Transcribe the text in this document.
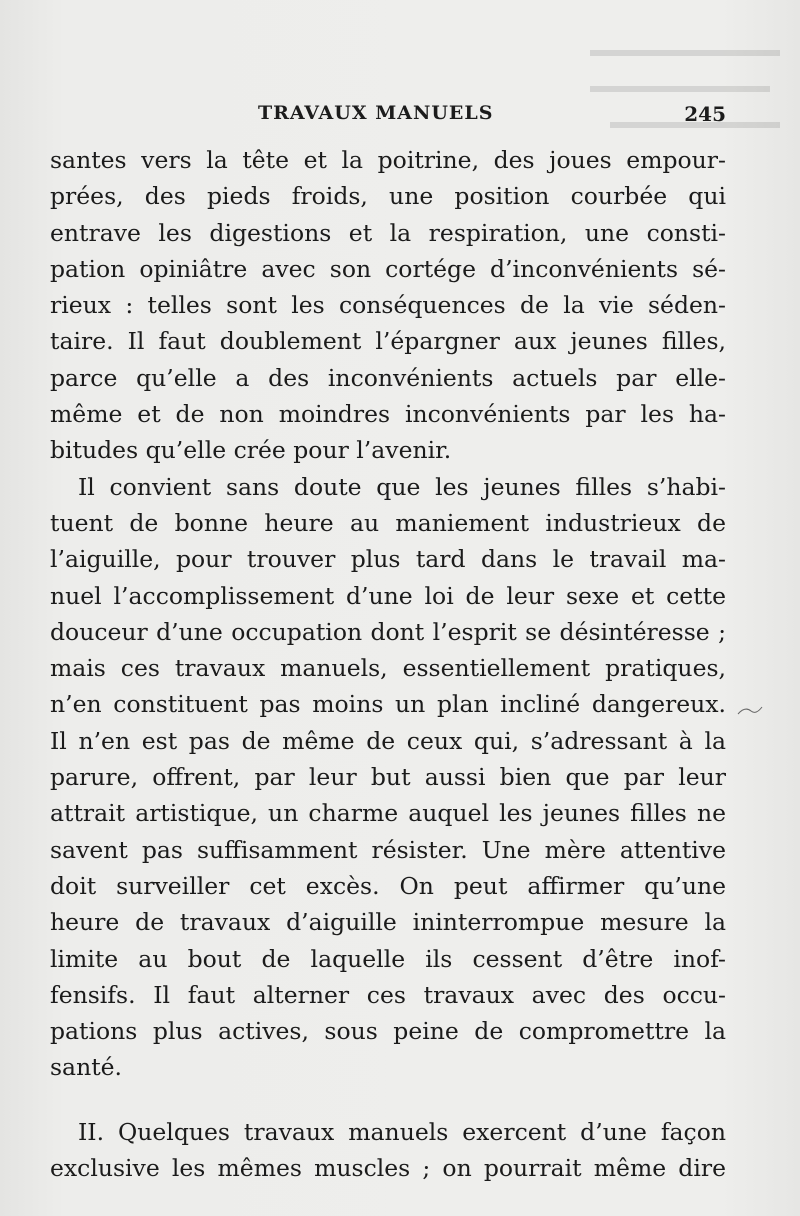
TRAVAUX MANUELS	245
santes vers la tête et la poitrine, des joues empour-
prées, des pieds froids, une position courbée qui
entrave les digestions et la respiration, une consti-
pation opiniâtre avec son cortége d’inconvénients sé-
rieux : telles sont les conséquences de la vie séden-
taire. Il faut doublement l’épargner aux jeunes filles,
parce qu’elle a des inconvénients actuels par elle-
même et de non moindres inconvénients par les ha-
bitudes qu’elle crée pour l’avenir.
Il convient sans doute que les jeunes filles s’habi-
tuent de bonne heure au maniement industrieux de
l’aiguille, pour trouver plus tard dans le travail ma-
nuel l’accomplissement d’une loi de leur sexe et cette
douceur d’une occupation dont l’esprit se désintéresse ;
mais ces travaux manuels, essentiellement pratiques,
n’en constituent pas moins un plan incliné dangereux.
Il n’en est pas de même de ceux qui, s’adressant à la
parure, offrent, par leur but aussi bien que par leur
attrait artistique, un charme auquel les jeunes filles ne
savent pas suffisamment résister. Une mère attentive
doit surveiller cet excès. On peut affirmer qu’une
heure de travaux d’aiguille ininterrompue mesure la
limite au bout de laquelle ils cessent d’être inof-
fensifs. Il faut alterner ces travaux avec des occu-
pations plus actives, sous peine de compromettre la
santé.
II. Quelques travaux manuels exercent d’une façon
exclusive les mêmes muscles ; on pourrait même dire
